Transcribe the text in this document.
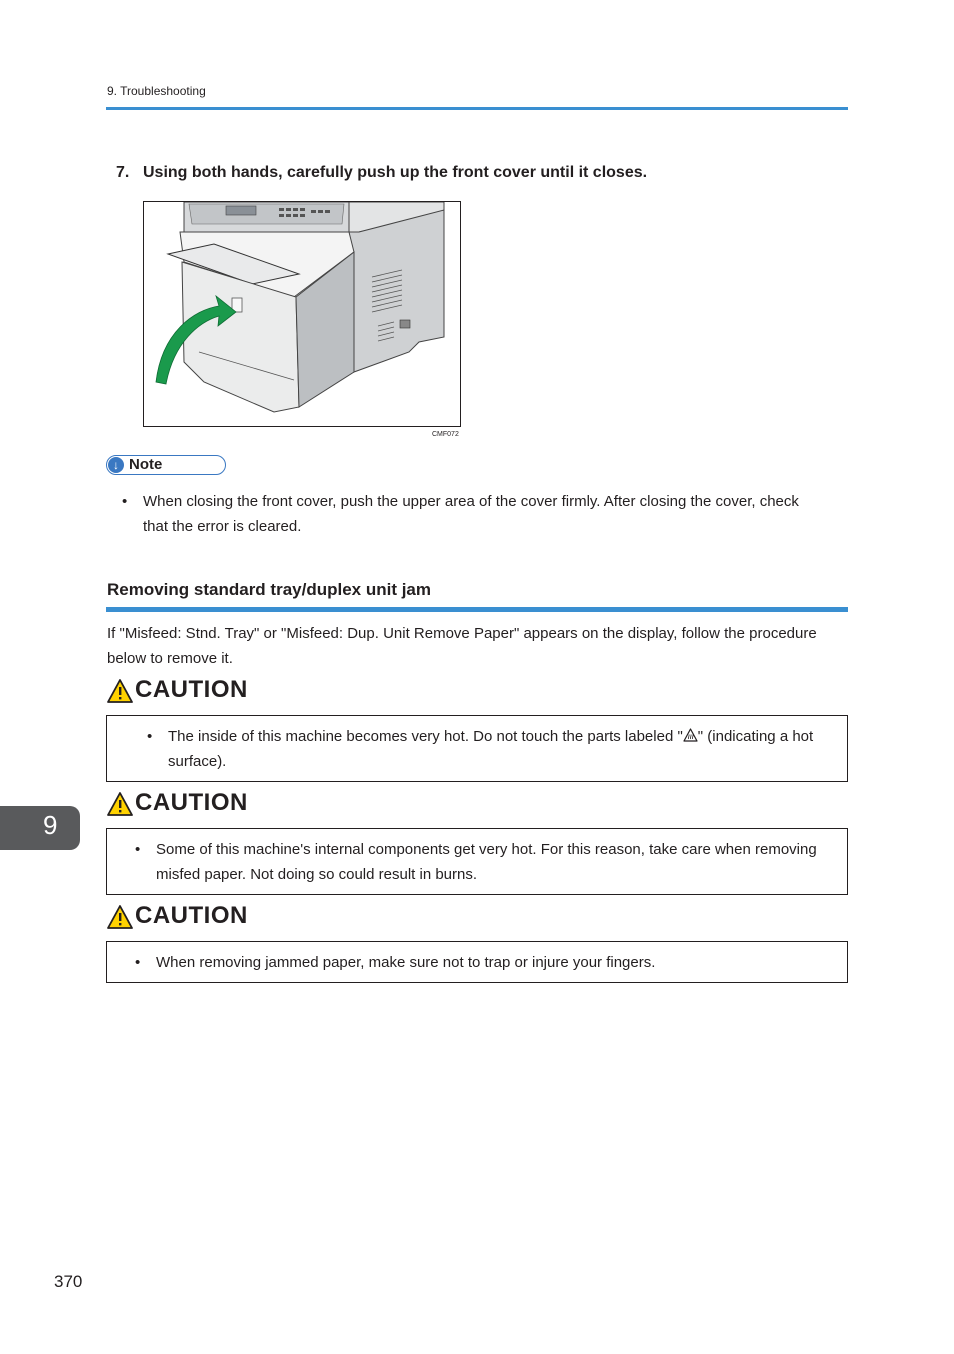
9. Troubleshooting
7. Using both hands, carefully push up the front cover until it closes.
CMF072
↓ Note
• When closing the front cover, push the upper area of the cover firmly. After closing the cover, check that the error is cleared.
Removing standard tray/duplex unit jam
If "Misfeed: Stnd. Tray" or "Misfeed: Dup. Unit Remove Paper" appears on the display, follow the procedure below to remove it.
CAUTION
• The inside of this machine becomes very hot. Do not touch the parts labeled " " (indicating a hot surface).
CAUTION
• Some of this machine's internal components get very hot. For this reason, take care when removing misfed paper. Not doing so could result in burns.
CAUTION
• When removing jammed paper, make sure not to trap or injure your fingers.
9
370
